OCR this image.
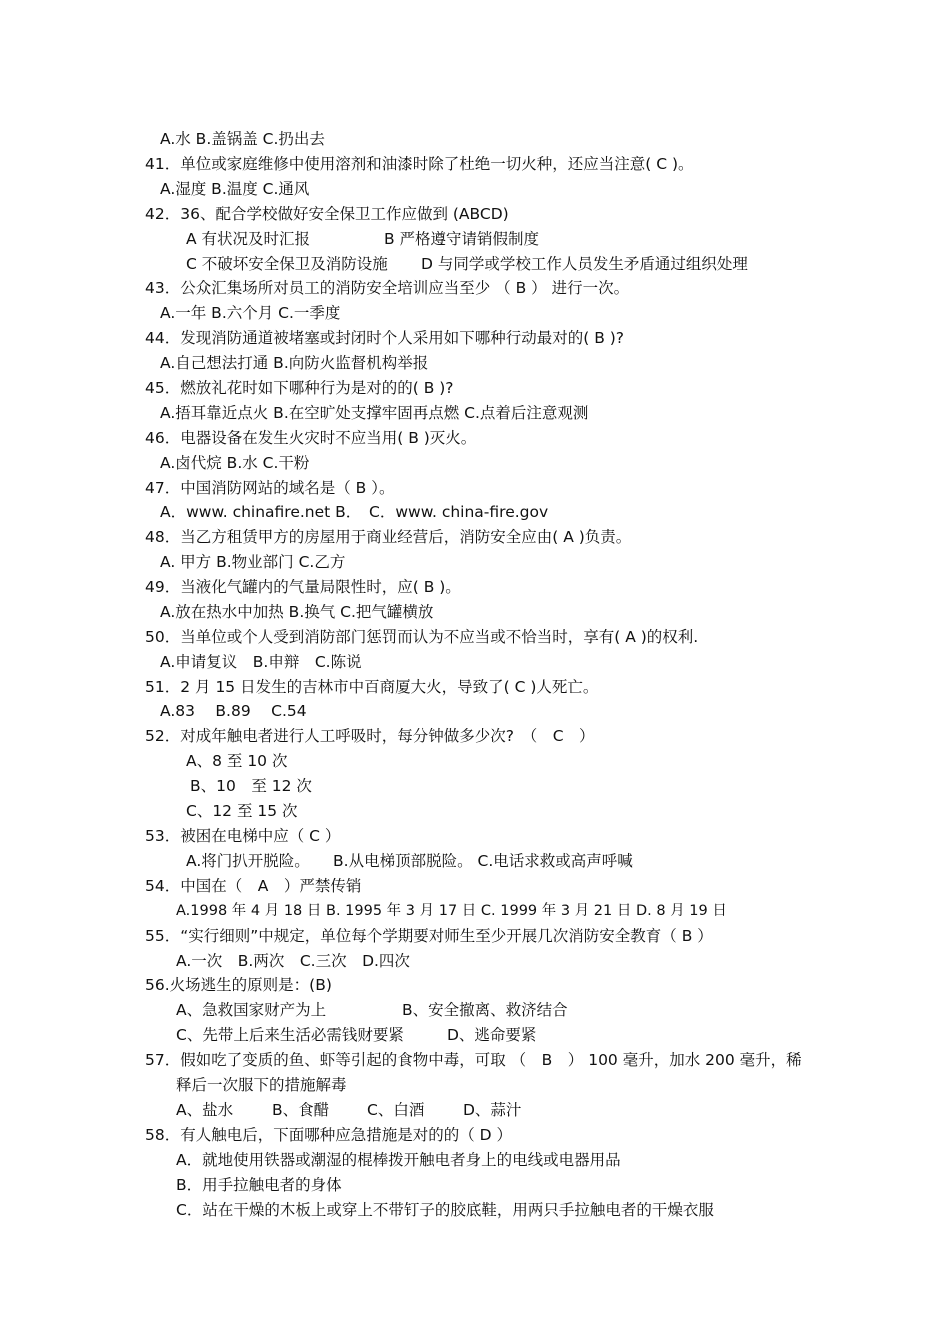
A.水 B.盖锅盖 C.扔出去
41．单位或家庭维修中使用溶剂和油漆时除了杜绝一切火种，还应当注意( C )。
A.湿度 B.温度 C.通风
42．36、配合学校做好安全保卫工作应做到 (ABCD)
A 有状况及时汇报	B 严格遵守请销假制度
C 不破坏安全保卫及消防设施 D 与同学或学校工作人员发生矛盾通过组织处理
43．公众汇集场所对员工的消防安全培训应当至少 （ B ） 进行一次。
A.一年 B.六个月 C.一季度
44．发现消防通道被堵塞或封闭时个人采用如下哪种行动最对的( B )?
A.自己想法打通 B.向防火监督机构举报
45．燃放礼花时如下哪种行为是对的的( B )?
A.捂耳靠近点火 B.在空旷处支撑牢固再点燃 C.点着后注意观测
46．电器设备在发生火灾时不应当用( B )灭火。
A.卤代烷 B.水 C.干粉
47．中国消防网站的域名是（ B ）。
A．www. chinafire.net B．　C．www. china-fire.gov
48．当乙方租赁甲方的房屋用于商业经营后，消防安全应由( A )负责。
A. 甲方 B.物业部门 C.乙方
49．当液化气罐内的气量局限性时，应( B )。
A.放在热水中加热 B.换气 C.把气罐横放
50．当单位或个人受到消防部门惩罚而认为不应当或不恰当时，享有( A )的权利.
A.申请复议　B.申辩　C.陈说
51．2 月 15 日发生的吉林市中百商厦大火，导致了( C )人死亡。
A.83　 B.89　 C.54
52．对成年触电者进行人工呼吸时，每分钟做多少次?　（　C　）
A、8 至 10 次
B、10　至 12 次
C、12 至 15 次
53．被困在电梯中应（ C ）
A.将门扒开脱险。　　B.从电梯顶部脱险。 C.电话求救或高声呼喊
54．中国在（　A　）严禁传销
A.1998 年 4 月 18 日 B. 1995 年 3 月 17 日 C. 1999 年 3 月 21 日 D. 8 月 19 日
55．“实行细则”中规定，单位每个学期要对师生至少开展几次消防安全教育（ B ）
A.一次　B.两次　C.三次　D.四次
56.火场逃生的原则是：(B)
A、急救国家财产为上	B、安全撤离、救济结合
C、先带上后来生活必需钱财要紧	D、逃命要紧
57．假如吃了变质的鱼、虾等引起的食物中毒，可取 （　B　） 100 毫升，加水 200 毫升，稀
释后一次服下的措施解毒
A、盐水	B、食醋 C、白酒 D、蒜汁
58．有人触电后，下面哪种应急措施是对的的（ D ）
A．就地使用铁器或潮湿的棍棒拨开触电者身上的电线或电器用品
B．用手拉触电者的身体
C．站在干燥的木板上或穿上不带钉子的胶底鞋，用两只手拉触电者的干燥衣服
